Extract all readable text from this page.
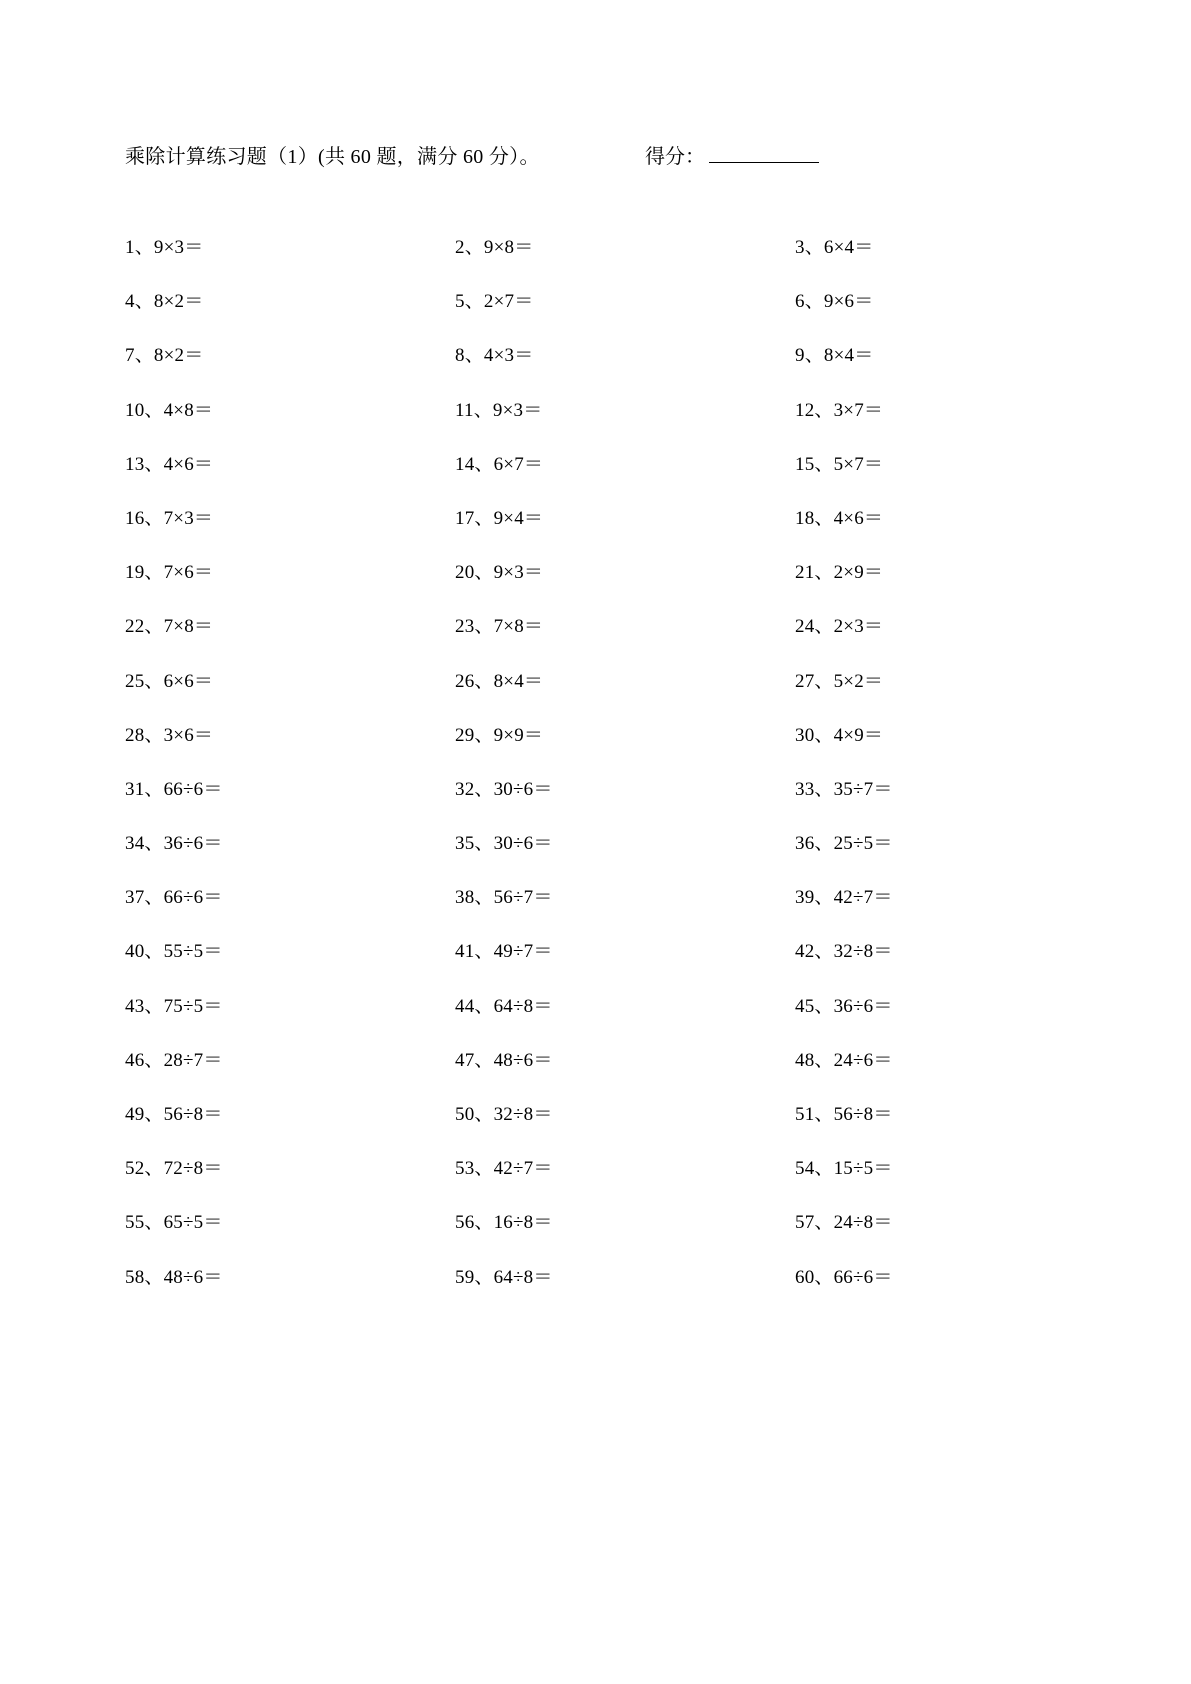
乘除计算练习题（1）(共 60 题，满分 60 分）。	得分：
1、9×3＝	2、9×8＝	3、6×4＝
4、8×2＝	5、2×7＝	6、9×6＝
7、8×2＝	8、4×3＝	9、8×4＝
10、4×8＝	11、9×3＝	12、3×7＝
13、4×6＝	14、6×7＝	15、5×7＝
16、7×3＝	17、9×4＝	18、4×6＝
19、7×6＝	20、9×3＝	21、2×9＝
22、7×8＝	23、7×8＝	24、2×3＝
25、6×6＝	26、8×4＝	27、5×2＝
28、3×6＝	29、9×9＝	30、4×9＝
31、66÷6＝	32、30÷6＝	33、35÷7＝
34、36÷6＝	35、30÷6＝	36、25÷5＝
37、66÷6＝	38、56÷7＝	39、42÷7＝
40、55÷5＝	41、49÷7＝	42、32÷8＝
43、75÷5＝	44、64÷8＝	45、36÷6＝
46、28÷7＝	47、48÷6＝	48、24÷6＝
49、56÷8＝	50、32÷8＝	51、56÷8＝
52、72÷8＝	53、42÷7＝	54、15÷5＝
55、65÷5＝	56、16÷8＝	57、24÷8＝
58、48÷6＝	59、64÷8＝	60、66÷6＝
